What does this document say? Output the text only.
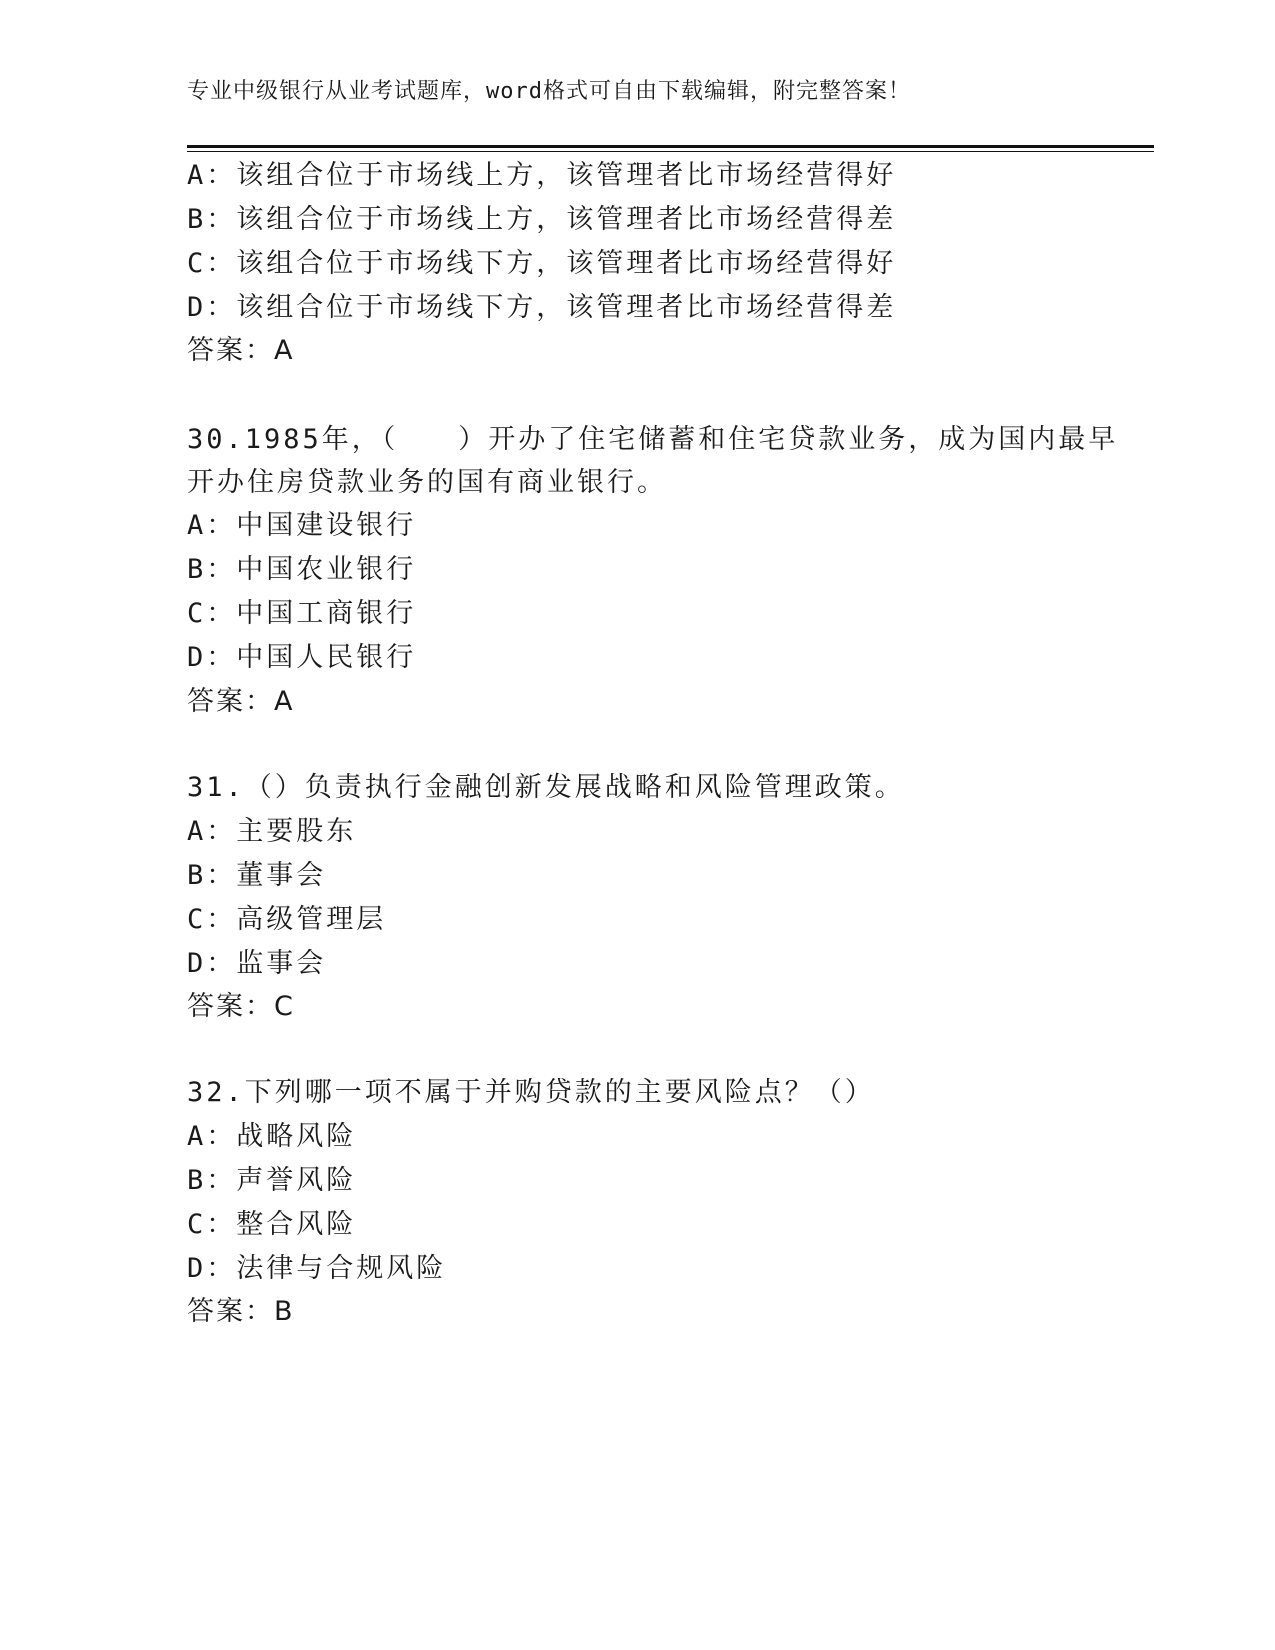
专业中级银行从业考试题库，word格式可自由下载编辑，附完整答案！
A：该组合位于市场线上方，该管理者比市场经营得好
B：该组合位于市场线上方，该管理者比市场经营得差
C：该组合位于市场线下方，该管理者比市场经营得好
D：该组合位于市场线下方，该管理者比市场经营得差
答案：A
30.1985年，（　　）开办了住宅储蓄和住宅贷款业务，成为国内最早
开办住房贷款业务的国有商业银行。
A：中国建设银行
B：中国农业银行
C：中国工商银行
D：中国人民银行
答案：A
31.（）负责执行金融创新发展战略和风险管理政策。
A：主要股东
B：董事会
C：高级管理层
D：监事会
答案：C
32.下列哪一项不属于并购贷款的主要风险点？（）
A：战略风险
B：声誉风险
C：整合风险
D：法律与合规风险
答案：B
